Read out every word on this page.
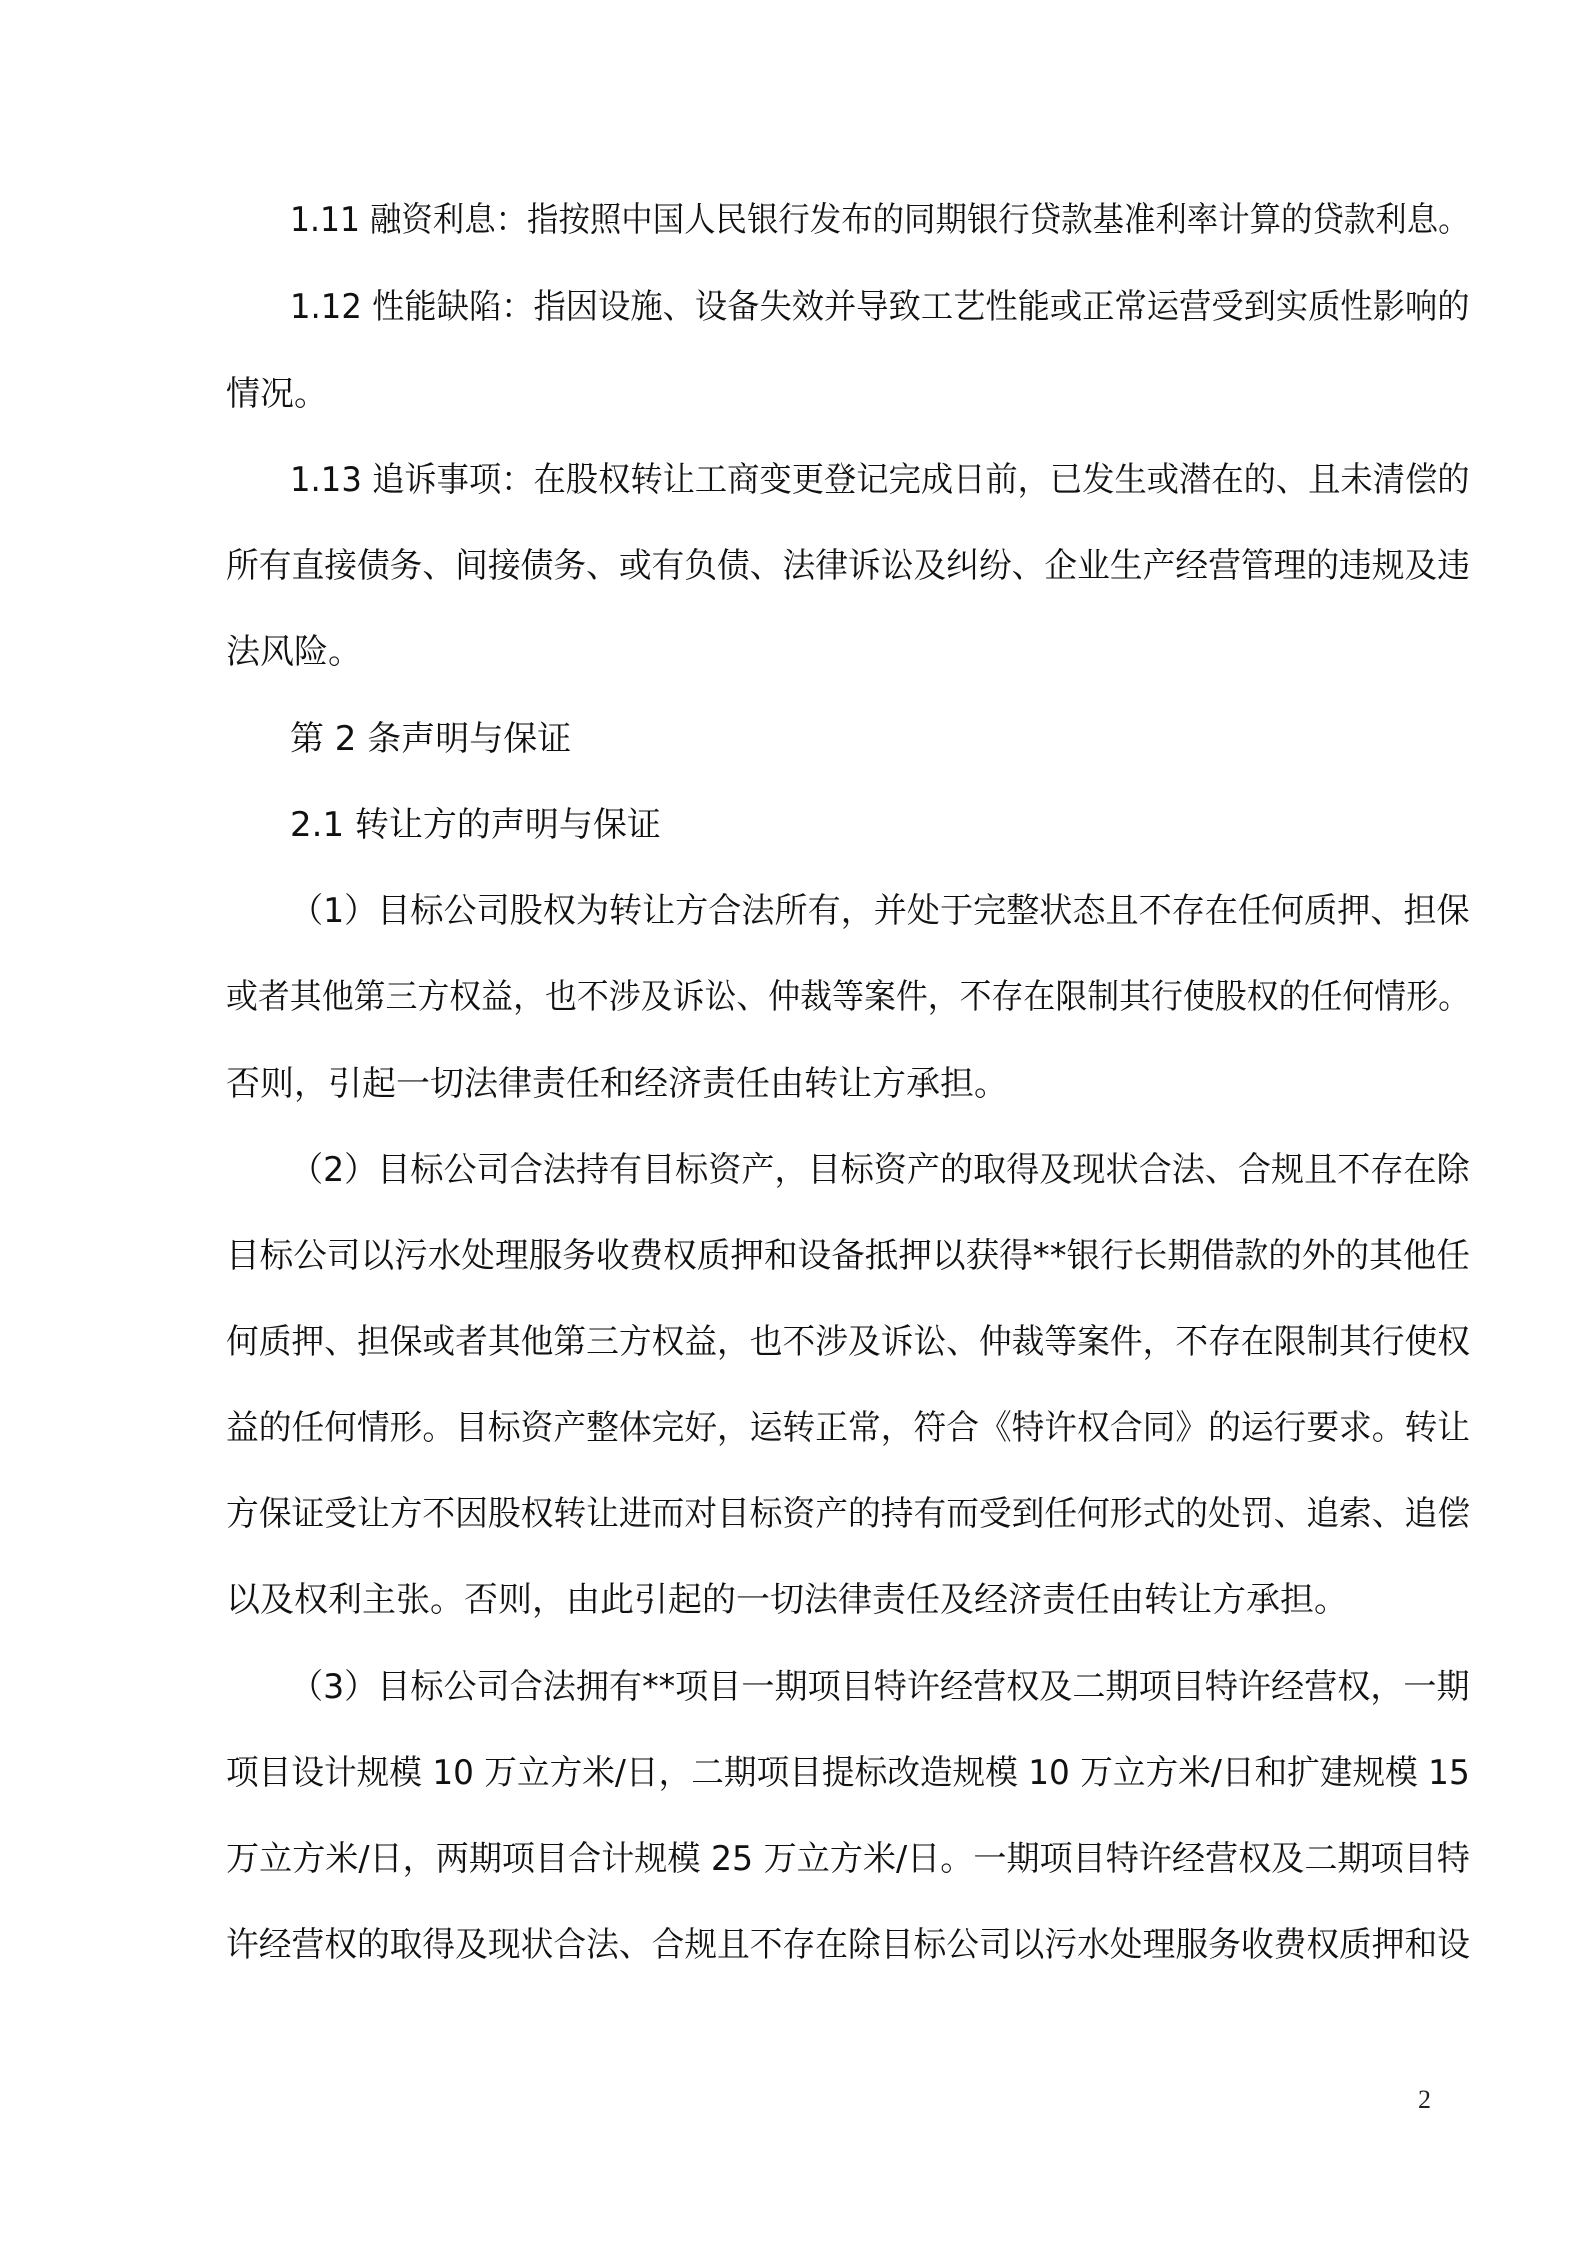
1.11 融资利息：指按照中国人民银行发布的同期银行贷款基准利率计算的贷款利息。
1.12 性能缺陷：指因设施、设备失效并导致工艺性能或正常运营受到实质性影响的
情况。
1.13 追诉事项：在股权转让工商变更登记完成日前，已发生或潜在的、且未清偿的
所有直接债务、间接债务、或有负债、法律诉讼及纠纷、企业生产经营管理的违规及违
法风险。
第 2 条声明与保证
2.1 转让方的声明与保证
（1）目标公司股权为转让方合法所有，并处于完整状态且不存在任何质押、担保
或者其他第三方权益，也不涉及诉讼、仲裁等案件，不存在限制其行使股权的任何情形。
否则，引起一切法律责任和经济责任由转让方承担。
（2）目标公司合法持有目标资产，目标资产的取得及现状合法、合规且不存在除
目标公司以污水处理服务收费权质押和设备抵押以获得**银行长期借款的外的其他任
何质押、担保或者其他第三方权益，也不涉及诉讼、仲裁等案件，不存在限制其行使权
益的任何情形。目标资产整体完好，运转正常，符合《特许权合同》的运行要求。转让
方保证受让方不因股权转让进而对目标资产的持有而受到任何形式的处罚、追索、追偿
以及权利主张。否则，由此引起的一切法律责任及经济责任由转让方承担。
（3）目标公司合法拥有**项目一期项目特许经营权及二期项目特许经营权，一期
项目设计规模 10 万立方米/日，二期项目提标改造规模 10 万立方米/日和扩建规模 15
万立方米/日，两期项目合计规模 25 万立方米/日。一期项目特许经营权及二期项目特
许经营权的取得及现状合法、合规且不存在除目标公司以污水处理服务收费权质押和设
2
